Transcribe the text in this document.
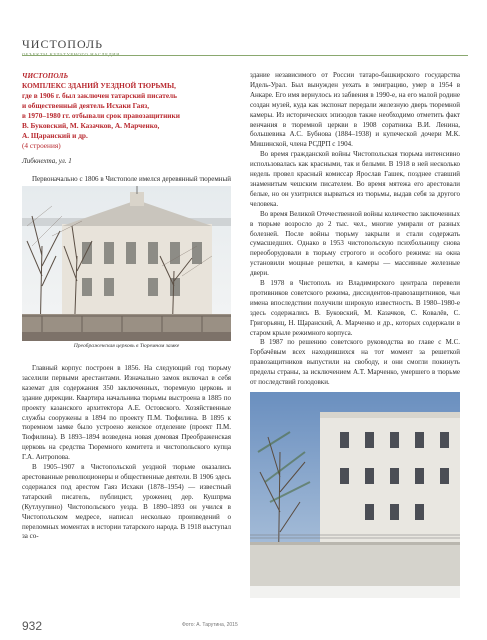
ЧИСТОПОЛЬ
ЧИСТОПОЛЬ

КОМПЛЕКС ЗДАНИЙ УЕЗДНОЙ ТЮРЬМЫ,

где в 1906 г. был заключен татарский писатель

и общественный деятель Исхаки Гаяз,

в 1970–1980 гг. отбывали срок правозащитники

В. Буковский, М. Казачков, А. Марченко,

А. Щаранский и др.

(4 строения)

Либкнехта, ул. 1

Первоначально с 1806 в Чистополе имелся деревянный тюремный

Преображенская церковь в Тюремном замке

Главный корпус построен в 1856. На следующий год тюрьму заселили первыми арестантами. Изначально замок включал в себя каземат для содержания 350 заключенных, тюремную церковь и здание дирекции. Квартира начальника тюрьмы выстроена в 1885 по проекту казанского архитектора А.Е. Остовского. Хозяйственные службы сооружены в 1894 по проекту П.М. Тюфилина. В 1895 к тюремном замке было устроено женское отделение (проект П.М. Тюфилина). В 1893–1894 возведена новая домовая Преображенская церковь на средства Тюремного комитета и чистопольского купца Г.А. Антропова.

В 1905–1907 в Чистопольской уездной тюрьме оказались арестованные революционеры и общественные деятели. В 1906 здесь содержался под арестом Гаяз Исхаки (1878–1954) — известный татарский писатель, публицист, уроженец дер. Кушпрма (Кутлуупино) Чистопольского уезда. В 1890–1893 он учился в Чистопольском медресе, написал несколько произведений о переломных моментах в истории татарского народа. В 1918 выступал за со-

здание независимого от России татаро-башкирского государства Идель-Урал. Был вынужден уехать в эмиграцию, умер в 1954 в Анкаре. Его имя вернулось из забвения в 1990-е, на его малой родине создан музей, куда как экспонат передали железную дверь тюремной камеры. Из исторических эпизодов также необходимо отметить факт венчания в тюремной церкви в 1908 соратника В.И. Ленина, большевика А.С. Бубнова (1884–1938) и купеческой дочери М.К. Мишинской, члена РСДРП с 1904.

Во время гражданской войны Чистопольская тюрьма интенсивно использовалась как красными, так и белыми. В 1918 в ней несколько недель провел красный комиссар Ярослав Гашек, позднее ставший знаменитым чешским писателем. Во время мятежа его арестовали белые, но он ухитрился вырваться из тюрьмы, выдав себя за другого человека.

Во время Великой Отечественной войны количество заключенных в тюрьме возросло до 2 тыс. чел., многие умирали от разных болезней. После войны тюрьму закрыли и стали содержать сумасшедших. Однако в 1953 чистопольскую психбольницу снова переоборудовали в тюрьму строгого и особого режима: на окна установили мощные решетки, в камеры — массивные железные двери.

В 1978 в Чистополь из Владимирского централа перевели противников советского режима, диссидентов-правозащитников, чьи имена впоследствии получили широкую известность. В 1980–1980-е здесь содержались В. Буковский, М. Казачков, С. Ковалёв, С. Григорьянц, Н. Щаранский, А. Марченко и др., которых содержали в старом крыле режимного корпуса.

В 1987 по решению советского руководства во главе с М.С. Горбачёвым всех находившихся на тот момент за решеткой правозащитников выпустили на свободу, и они смогли покинуть пределы страны, за исключением А.Т. Марченко, умершего в тюрьме от последствий голодовки.

932	Фото: А. Тарутина, 2015
